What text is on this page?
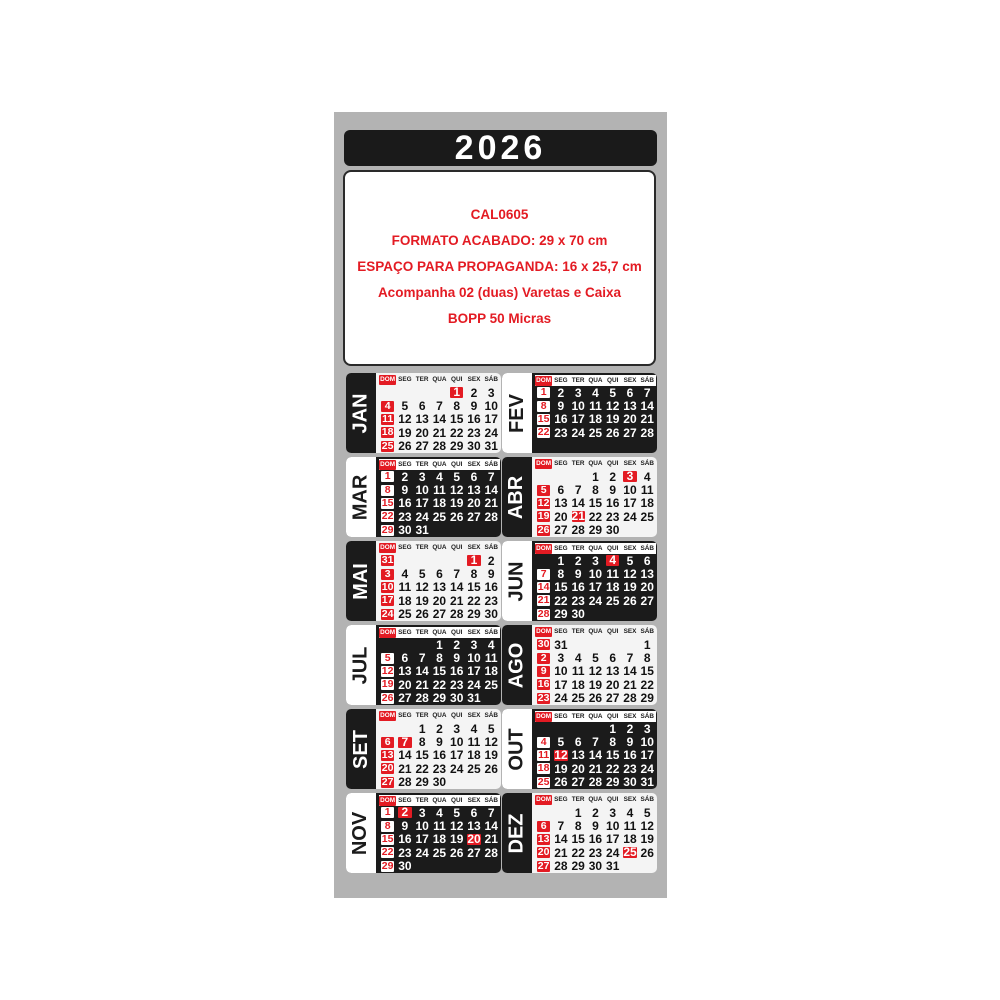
2026
CAL0605
FORMATO ACABADO: 29 x 70 cm
ESPAÇO PARA PROPAGANDA: 16 x 25,7 cm
Acompanha 02 (duas) Varetas e Caixa
BOPP 50 Micras
JAN
DOM SEG TER QUA QUI SEX SÁB
1 2 3
4 5 6 7 8 9 10
11 12 13 14 15 16 17
18 19 20 21 22 23 24
25 26 27 28 29 30 31
FEV
DOM SEG TER QUA QUI SEX SÁB
1 2 3 4 5 6 7
8 9 10 11 12 13 14
15 16 17 18 19 20 21
22 23 24 25 26 27 28
MAR
DOM SEG TER QUA QUI SEX SÁB
1 2 3 4 5 6 7
8 9 10 11 12 13 14
15 16 17 18 19 20 21
22 23 24 25 26 27 28
29 30 31
ABR
DOM SEG TER QUA QUI SEX SÁB
1 2 3 4
5 6 7 8 9 10 11
12 13 14 15 16 17 18
19 20 21 22 23 24 25
26 27 28 29 30
MAI
DOM SEG TER QUA QUI SEX SÁB
31	1 2
3 4 5 6 7 8 9
10 11 12 13 14 15 16
17 18 19 20 21 22 23
24 25 26 27 28 29 30
JUN
DOM SEG TER QUA QUI SEX SÁB
1 2 3 4 5 6
7 8 9 10 11 12 13
14 15 16 17 18 19 20
21 22 23 24 25 26 27
28 29 30
JUL
DOM SEG TER QUA QUI SEX SÁB
1 2 3 4
5 6 7 8 9 10 11
12 13 14 15 16 17 18
19 20 21 22 23 24 25
26 27 28 29 30 31
AGO
DOM SEG TER QUA QUI SEX SÁB
30 31	1
2 3 4 5 6 7 8
9 10 11 12 13 14 15
16 17 18 19 20 21 22
23 24 25 26 27 28 29
SET
DOM SEG TER QUA QUI SEX SÁB
1 2 3 4 5
6 7 8 9 10 11 12
13 14 15 16 17 18 19
20 21 22 23 24 25 26
27 28 29 30
OUT
DOM SEG TER QUA QUI SEX SÁB
1 2 3
4 5 6 7 8 9 10
11 12 13 14 15 16 17
18 19 20 21 22 23 24
25 26 27 28 29 30 31
NOV
DOM SEG TER QUA QUI SEX SÁB
1 2 3 4 5 6 7
8 9 10 11 12 13 14
15 16 17 18 19 20 21
22 23 24 25 26 27 28
29 30
DEZ
DOM SEG TER QUA QUI SEX SÁB
1 2 3 4 5
6 7 8 9 10 11 12
13 14 15 16 17 18 19
20 21 22 23 24 25 26
27 28 29 30 31
